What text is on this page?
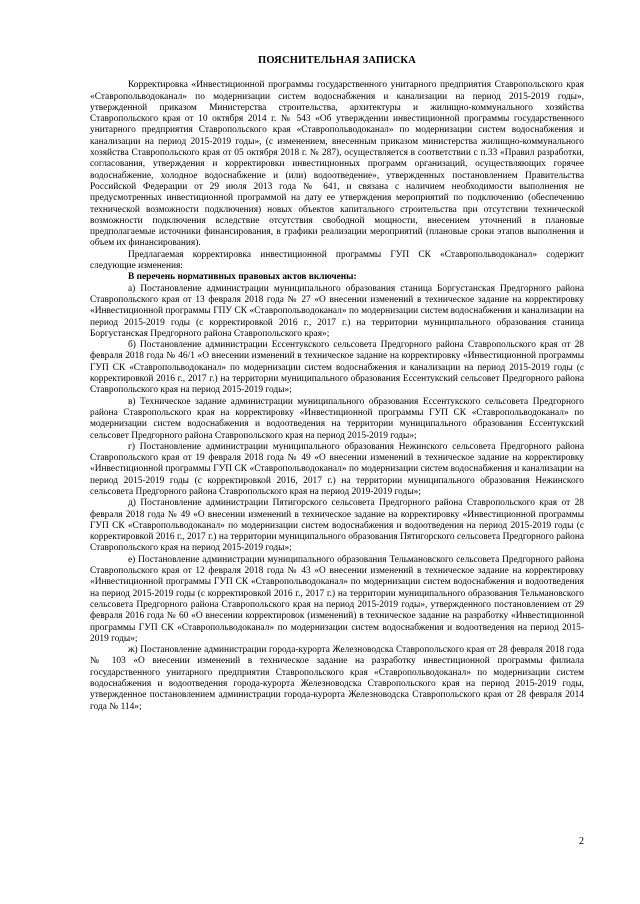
ПОЯСНИТЕЛЬНАЯ ЗАПИСКА

Корректировка «Инвестиционной программы государственного унитарного предприятия Ставропольского края «Ставропольводоканал» по модернизации систем водоснабжения и канализации на период 2015-2019 годы», утвержденной приказом Министерства строительства, архитектуры и жилищно-коммунального хозяйства Ставропольского края от 10 октября 2014 г. № 543 «Об утверждении инвестиционной программы государственного унитарного предприятия Ставропольского края «Ставропольводоканал» по модернизации систем водоснабжения и канализации на период 2015-2019 годы», (с изменением, внесенным приказом министерства жилищно-коммунального хозяйства Ставропольского края от 05 октября 2018 г. № 287), осуществляется в соответствии с п.33 «Правил разработки, согласования, утверждения и корректировки инвестиционных программ организаций, осуществляющих горячее водоснабжение, холодное водоснабжение и (или) водоотведение», утвержденных постановлением Правительства Российской Федерации от 29 июля 2013 года № 641, и связана с наличием необходимости выполнения не предусмотренных инвестиционной программой на дату ее утверждения мероприятий по подключению (обеспечению технической возможности подключения) новых объектов капитального строительства при отсутствии технической возможности подключения вследствие отсутствия свободной мощности, внесением уточнений в плановые предполагаемые источники финансирования, в графики реализации мероприятий (плановые сроки этапов выполнения и объем их финансирования).

Предлагаемая корректировка инвестиционной программы ГУП СК «Ставропольводоканал» содержит следующие изменения:

В перечень нормативных правовых актов включены:

а) Постановление администрации муниципального образования станица Боргустанская Предгорного района Ставропольского края от 13 февраля 2018 года № 27 «О внесении изменений в техническое задание на корректировку «Инвестиционной программы ГПУ СК «Ставропольводоканал» по модернизации систем водоснабжения и канализации на период 2015-2019 годы (с корректировкой 2016 г., 2017 г.) на территории муниципального образования станица Боргустанская Предгорного района Ставропольского края»;

б) Постановление администрации Ессентукского сельсовета Предгорного района Ставропольского края от 28 февраля 2018 года № 46/1 «О внесении изменений в техническое задание на корректировку «Инвестиционной программы ГУП СК «Ставропольводоканал» по модернизации систем водоснабжения и канализации на период 2015-2019 годы (с корректировкой 2016 г., 2017 г.) на территории муниципального образования Ессентукский сельсовет Предгорного района Ставропольского края на период 2015-2019 годы»;

в) Техническое задание администрации муниципального образования Ессентукского сельсовета Предгорного района Ставропольского края на корректировку «Инвестиционной программы ГУП СК «Ставропольводоканал» по модернизации систем водоснабжения и водоотведения на территории муниципального образования Ессентукский сельсовет Предгорного района Ставропольского края на период 2015-2019 годы»;

г) Постановление администрации муниципального образования Нежинского сельсовета Предгорного района Ставропольского края от 19 февраля 2018 года № 49 «О внесении изменений в техническое задание на корректировку «Инвестиционной программы ГУП СК «Ставропольводоканал» по модернизации систем водоснабжения и канализации на период 2015-2019 годы (с корректировкой 2016, 2017 г.) на территории муниципального образования Нежинского сельсовета Предгорного района Ставропольского края на период 2019-2019 годы»;

д) Постановление администрации Пятигорского сельсовета Предгорного района Ставропольского края от 28 февраля 2018 года № 49 «О внесении изменений в техническое задание на корректировку «Инвестиционной программы ГУП СК «Ставропольводоканал» по модернизации систем водоснабжения и водоотведения на период 2015-2019 годы (с корректировкой 2016 г., 2017 г.) на территории муниципального образования Пятигорского сельсовета Предгорного района Ставропольского края на период 2015-2019 годы»;

е) Постановление администрации муниципального образования Тельмановского сельсовета Предгорного района Ставропольского края от 12 февраля 2018 года № 43 «О внесении изменений в техническое задание на корректировку «Инвестиционной программы ГУП СК «Ставропольводоканал» по модернизации систем водоснабжения и водоотведения на период 2015-2019 годы (с корректировкой 2016 г., 2017 г.) на территории муниципального образования Тельмановского сельсовета Предгорного района Ставропольского края на период 2015-2019 годы», утвержденного постановлением от 29 февраля 2016 года № 60 «О внесении корректировок (изменений) в техническое задание на разработку «Инвестиционной программы ГУП СК «Ставропольводоканал» по модернизации систем водоснабжения и водоотведения на период 2015-2019 годы»;

ж) Постановление администрации города-курорта Железноводска Ставропольского края от 28 февраля 2018 года № 103 «О внесении изменений в техническое задание на разработку инвестиционной программы филиала государственного унитарного предприятия Ставропольского края «Ставропольводоканал» по модернизации систем водоснабжения и водоотведения города-курорта Железноводска Ставропольского края на период 2015-2019 годы, утвержденное постановлением администрации города-курорта Железноводска Ставропольского края от 28 февраля 2014 года № 114»;

2
